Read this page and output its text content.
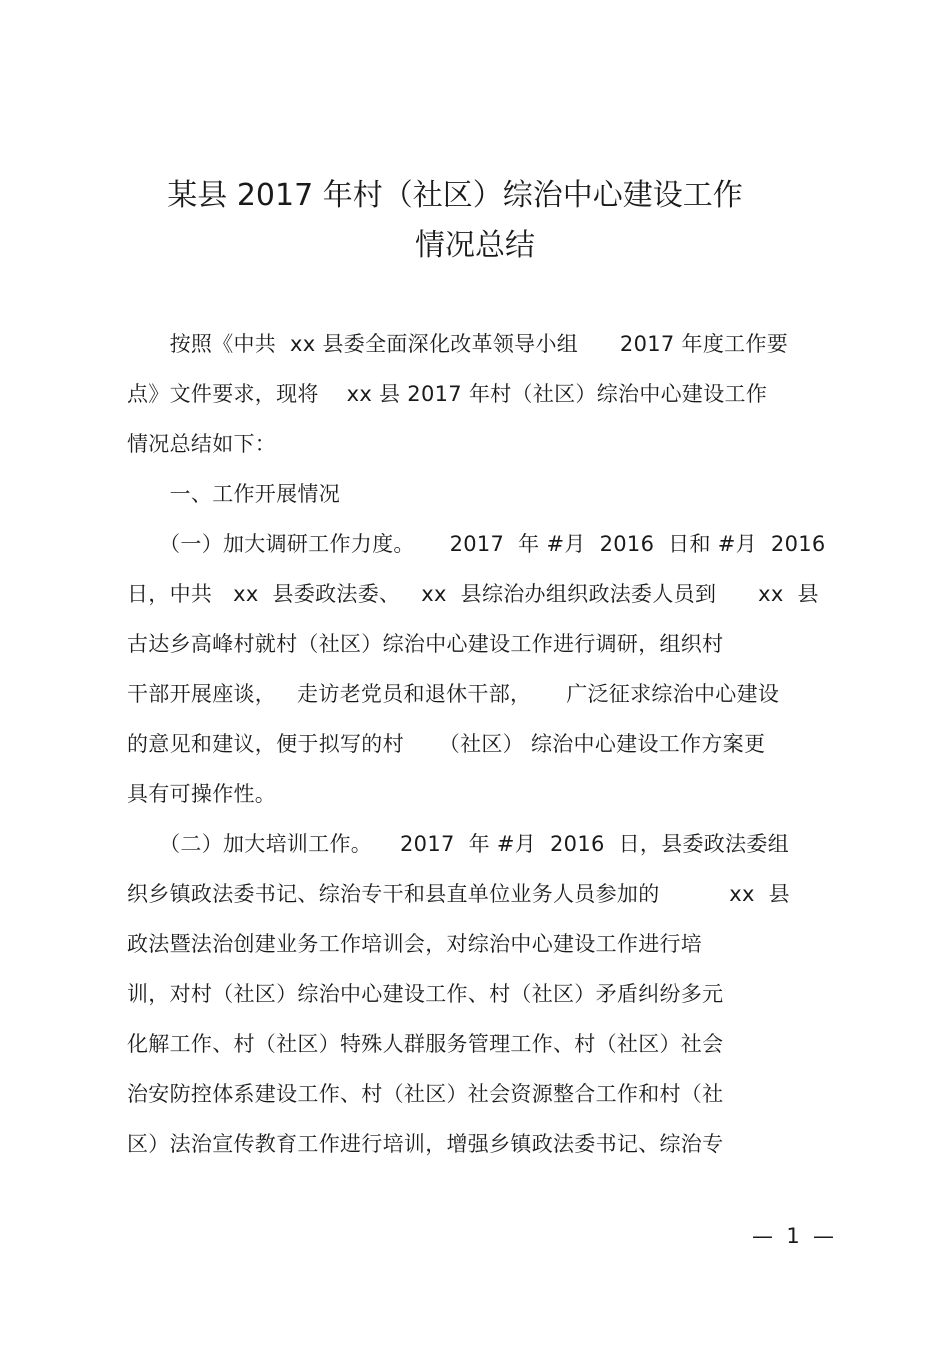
某县 2017 年村（社区）综治中心建设工作
情况总结
　　按照《中共  xx 县委全面深化改革领导小组      2017 年度工作要
点》文件要求，现将    xx 县 2017 年村（社区）综治中心建设工作
情况总结如下：
　　一、工作开展情况
　　（一）加大调研工作力度。     2017  年 #月  2016  日和 #月  2016
日，中共   xx  县委政法委、   xx  县综治办组织政法委人员到      xx  县
古达乡高峰村就村（社区）综治中心建设工作进行调研，组织村
干部开展座谈，   走访老党员和退休干部，     广泛征求综治中心建设
的意见和建议，便于拟写的村     （社区） 综治中心建设工作方案更
具有可操作性。
　　（二）加大培训工作。    2017  年 #月  2016  日，县委政法委组
织乡镇政法委书记、综治专干和县直单位业务人员参加的          xx  县
政法暨法治创建业务工作培训会，对综治中心建设工作进行培
训，对村（社区）综治中心建设工作、村（社区）矛盾纠纷多元
化解工作、村（社区）特殊人群服务管理工作、村（社区）社会
治安防控体系建设工作、村（社区）社会资源整合工作和村（社
区）法治宣传教育工作进行培训，增强乡镇政法委书记、综治专
—  1  —
